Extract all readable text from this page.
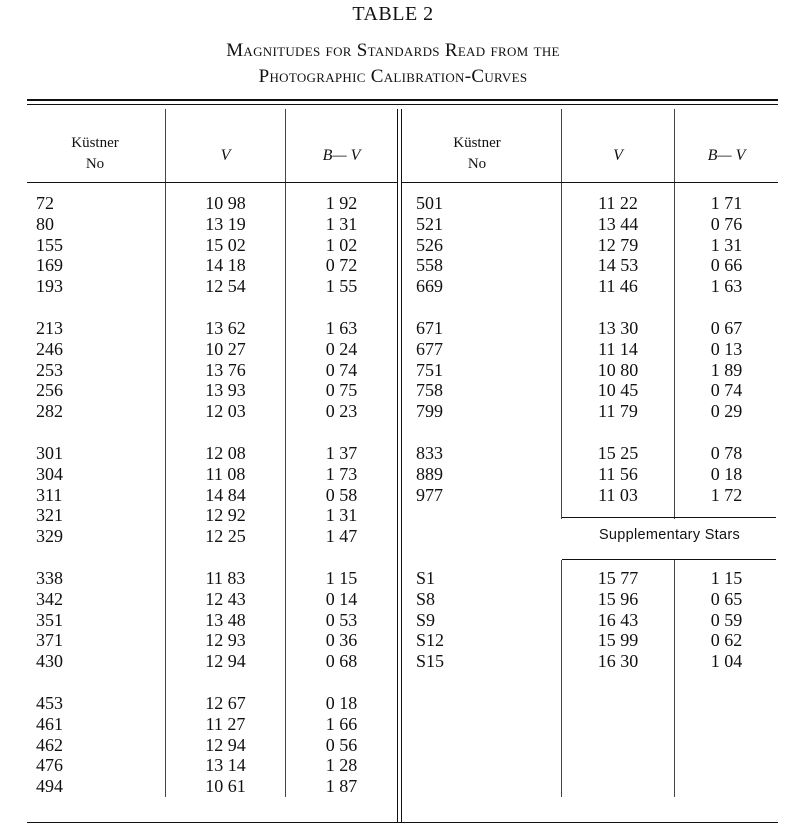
TABLE 2
Magnitudes for Standards Read from the
Photographic Calibration-Curves
Küstner
No	V	B— V
Küstner
No	V	B— V
Supplementary Stars
72	10 98	1 92
80	13 19	1 31
155	15 02	1 02
169	14 18	0 72
193	12 54	1 55
213	13 62	1 63
246	10 27	0 24
253	13 76	0 74
256	13 93	0 75
282	12 03	0 23
301	12 08	1 37
304	11 08	1 73
311	14 84	0 58
321	12 92	1 31
329	12 25	1 47
338	11 83	1 15
342	12 43	0 14
351	13 48	0 53
371	12 93	0 36
430	12 94	0 68
453	12 67	0 18
461	11 27	1 66
462	12 94	0 56
476	13 14	1 28
494	10 61	1 87
501	11 22	1 71
521	13 44	0 76
526	12 79	1 31
558	14 53	0 66
669	11 46	1 63
671	13 30	0 67
677	11 14	0 13
751	10 80	1 89
758	10 45	0 74
799	11 79	0 29
833	15 25	0 78
889	11 56	0 18
977	11 03	1 72
S1	15 77	1 15
S8	15 96	0 65
S9	16 43	0 59
S12	15 99	0 62
S15	16 30	1 04
